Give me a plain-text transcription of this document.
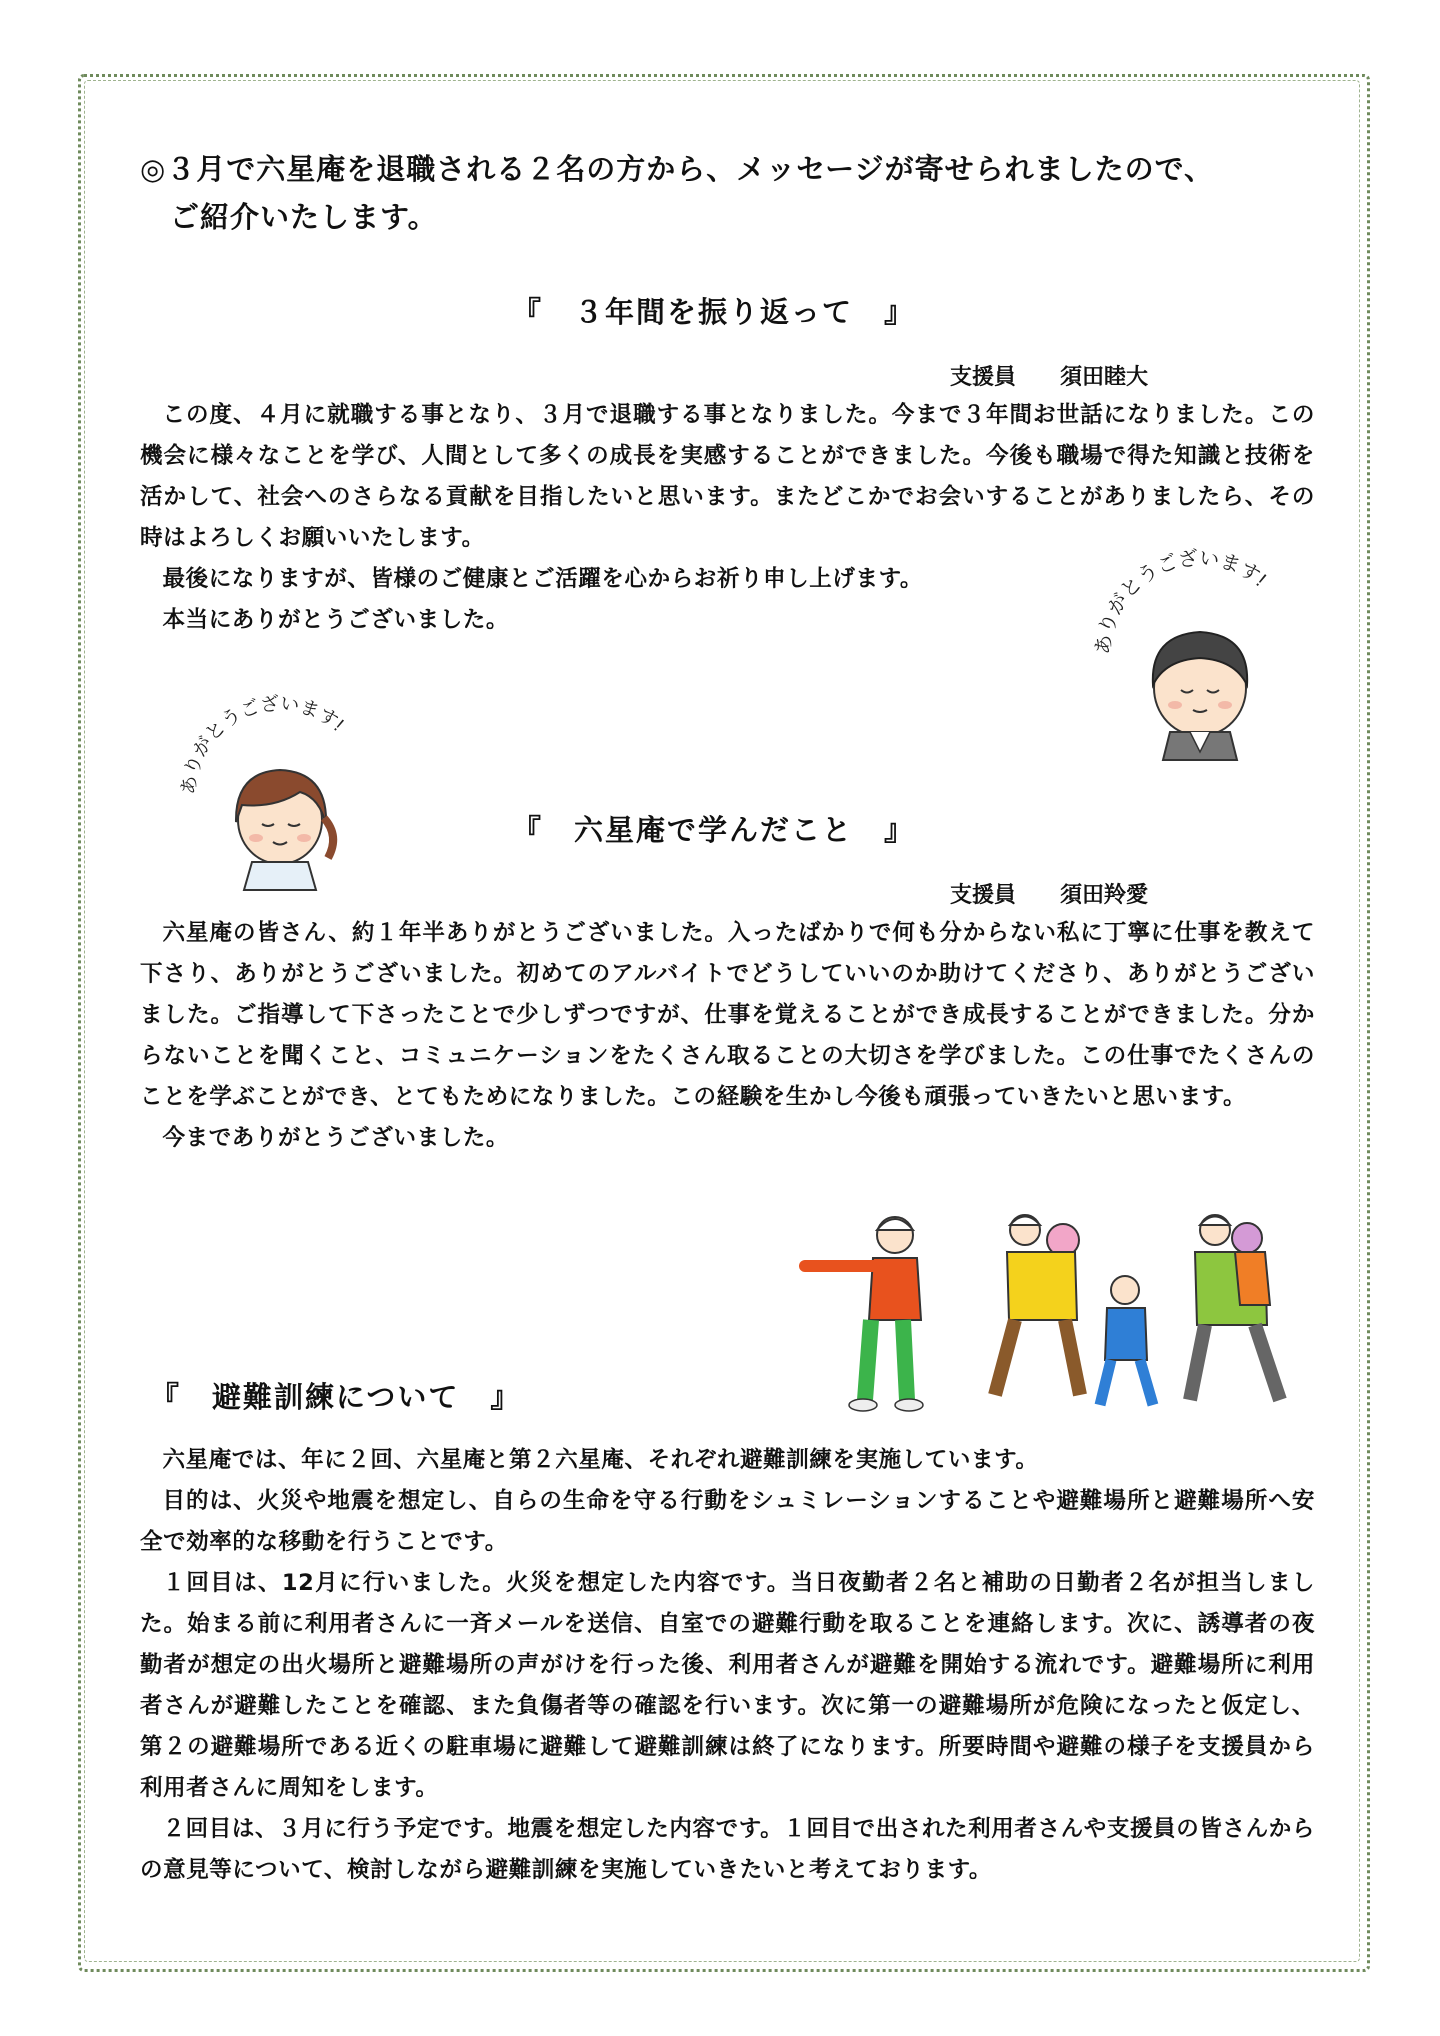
◎３月で六星庵を退職される２名の方から、メッセージが寄せられましたので、
ご紹介いたします。
『　３年間を振り返って　』
支援員　　須田睦大

この度、４月に就職する事となり、３月で退職する事となりました。今まで３年間お世話になりました。この機会に様々なことを学び、人間として多くの成長を実感することができました。今後も職場で得た知識と技術を活かして、社会へのさらなる貢献を目指したいと思います。またどこかでお会いすることがありましたら、その時はよろしくお願いいたします。

最後になりますが、皆様のご健康とご活躍を心からお祈り申し上げます。

本当にありがとうございました。

ありがとうございます!
ありがとうございます!
『　六星庵で学んだこと　』
支援員　　須田羚愛

六星庵の皆さん、約１年半ありがとうございました。入ったばかりで何も分からない私に丁寧に仕事を教えて下さり、ありがとうございました。初めてのアルバイトでどうしていいのか助けてくださり、ありがとうございました。ご指導して下さったことで少しずつですが、仕事を覚えることができ成長することができました。分からないことを聞くこと、コミュニケーションをたくさん取ることの大切さを学びました。この仕事でたくさんのことを学ぶことができ、とてもためになりました。この経験を生かし今後も頑張っていきたいと思います。

今までありがとうございました。

『　避難訓練について　』

六星庵では、年に２回、六星庵と第２六星庵、それぞれ避難訓練を実施しています。

目的は、火災や地震を想定し、自らの生命を守る行動をシュミレーションすることや避難場所と避難場所へ安全で効率的な移動を行うことです。

１回目は、12月に行いました。火災を想定した内容です。当日夜勤者２名と補助の日勤者２名が担当しました。始まる前に利用者さんに一斉メールを送信、自室での避難行動を取ることを連絡します。次に、誘導者の夜勤者が想定の出火場所と避難場所の声がけを行った後、利用者さんが避難を開始する流れです。避難場所に利用者さんが避難したことを確認、また負傷者等の確認を行います。次に第一の避難場所が危険になったと仮定し、第２の避難場所である近くの駐車場に避難して避難訓練は終了になります。所要時間や避難の様子を支援員から利用者さんに周知をします。

２回目は、３月に行う予定です。地震を想定した内容です。１回目で出された利用者さんや支援員の皆さんからの意見等について、検討しながら避難訓練を実施していきたいと考えております。
